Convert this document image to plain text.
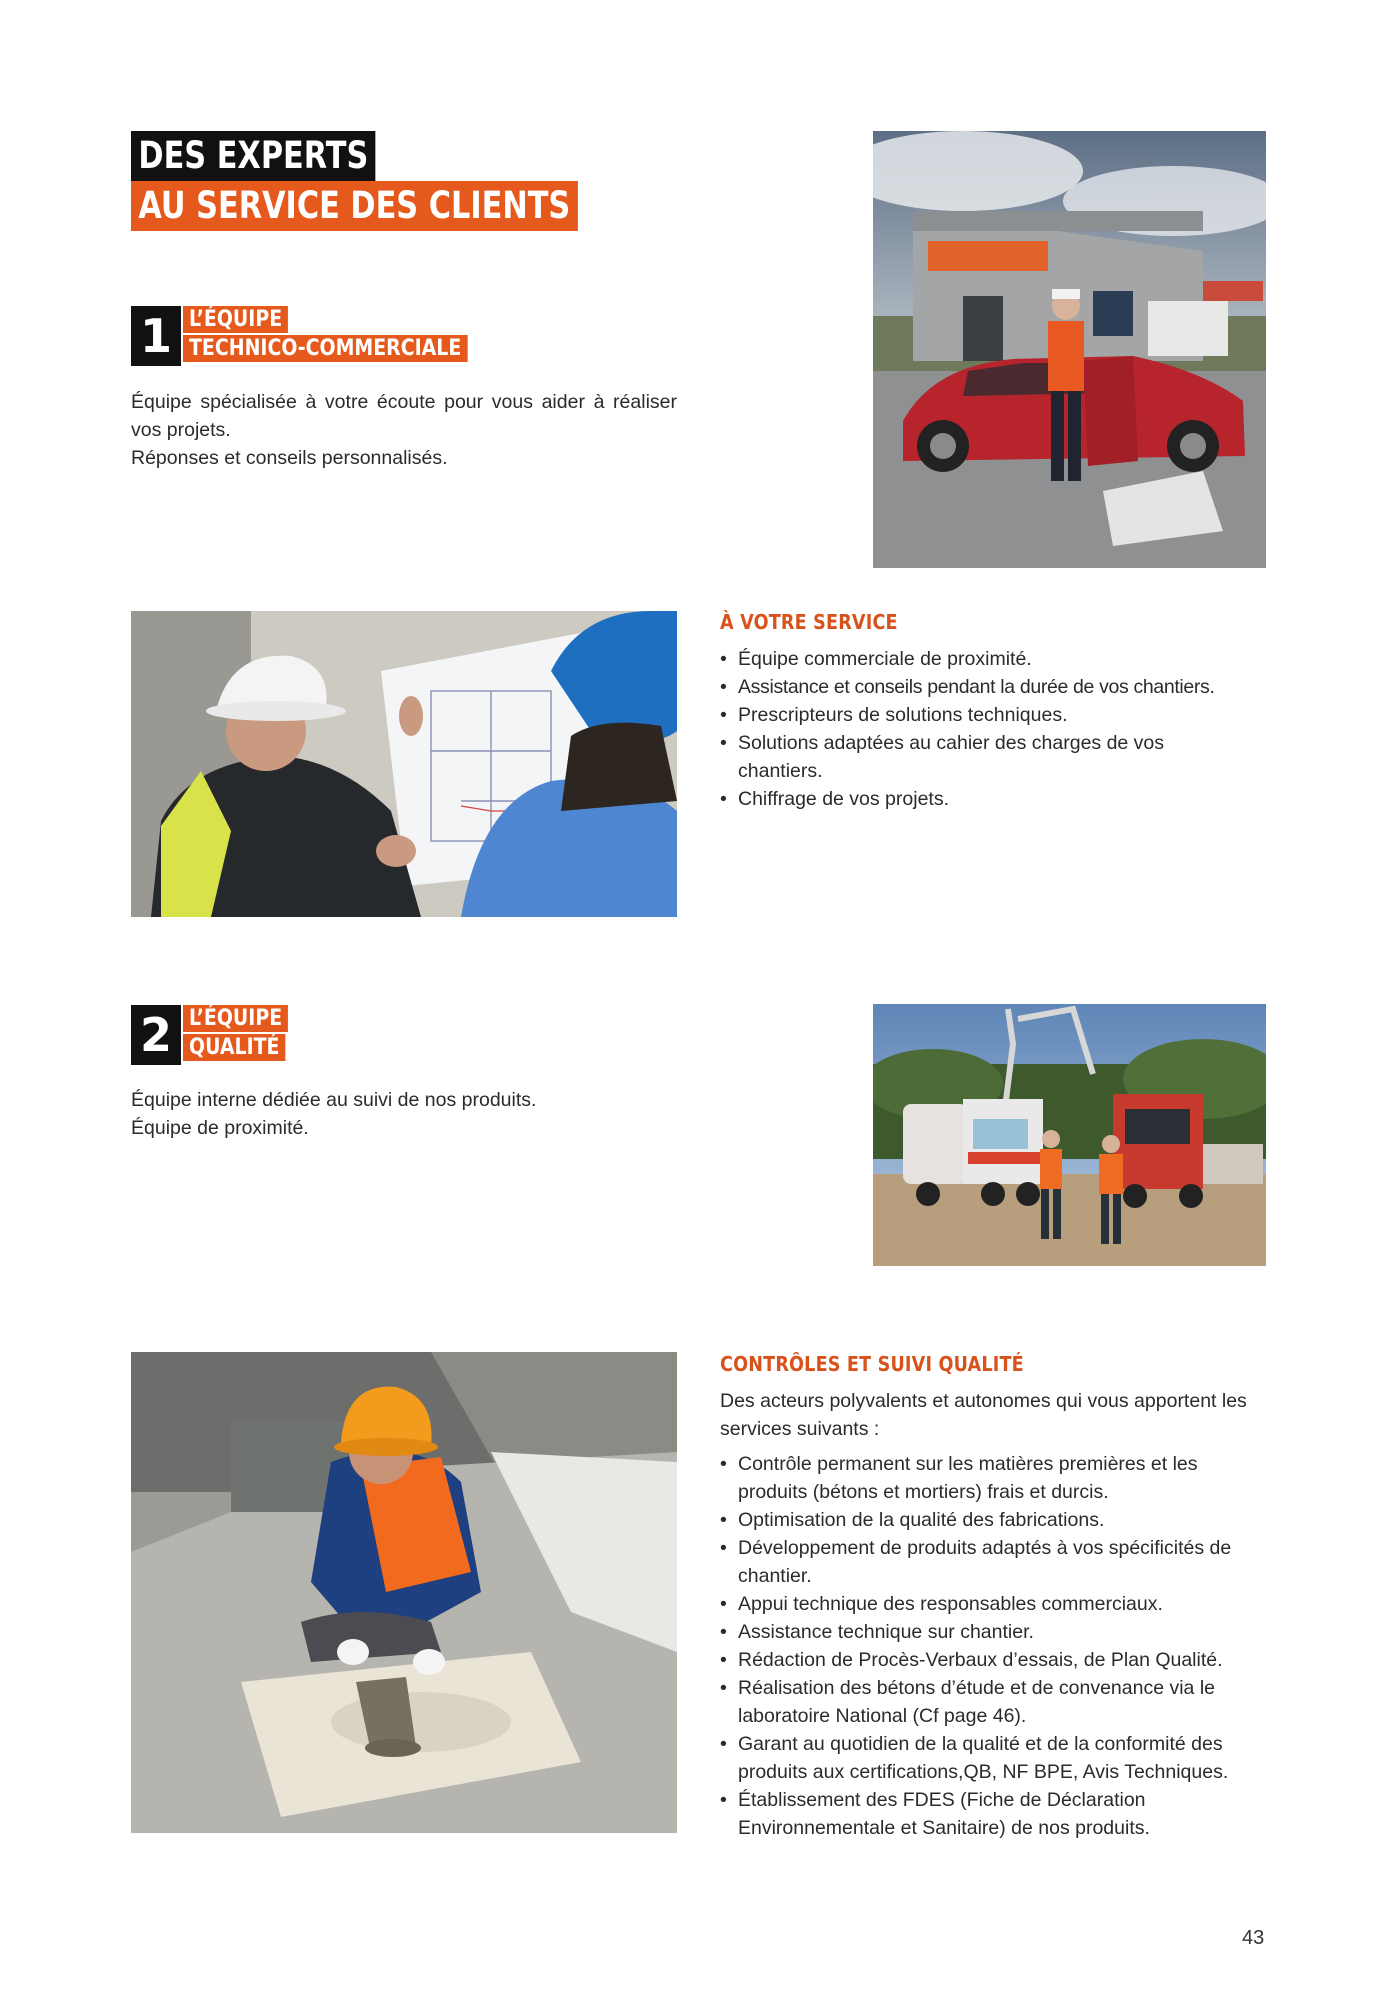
DES EXPERTS
AU SERVICE DES CLIENTS
1 L’ÉQUIPE
TECHNICO-COMMERCIALE
Équipe spécialisée à votre écoute pour vous aider à réaliser vos projets.
Réponses et conseils personnalisés.
À VOTRE SERVICE
• Équipe commerciale de proximité.
• Assistance et conseils pendant la durée de vos chantiers.
• Prescripteurs de solutions techniques.
• Solutions adaptées au cahier des charges de vos chantiers.
• Chiffrage de vos projets.
2 L’ÉQUIPE
QUALITÉ
Équipe interne dédiée au suivi de nos produits.
Équipe de proximité.
CONTRÔLES ET SUIVI QUALITÉ
Des acteurs polyvalents et autonomes qui vous apportent les services suivants :
• Contrôle permanent sur les matières premières et les produits (bétons et mortiers) frais et durcis.
• Optimisation de la qualité des fabrications.
• Développement de produits adaptés à vos spécificités de chantier.
• Appui technique des responsables commerciaux.
• Assistance technique sur chantier.
• Rédaction de Procès-Verbaux d’essais, de Plan Qualité.
• Réalisation des bétons d’étude et de convenance via le laboratoire National (Cf page 46).
• Garant au quotidien de la qualité et de la conformité des produits aux certifications,QB, NF BPE, Avis Techniques.
• Établissement des FDES (Fiche de Déclaration Environnementale et Sanitaire) de nos produits.
43
